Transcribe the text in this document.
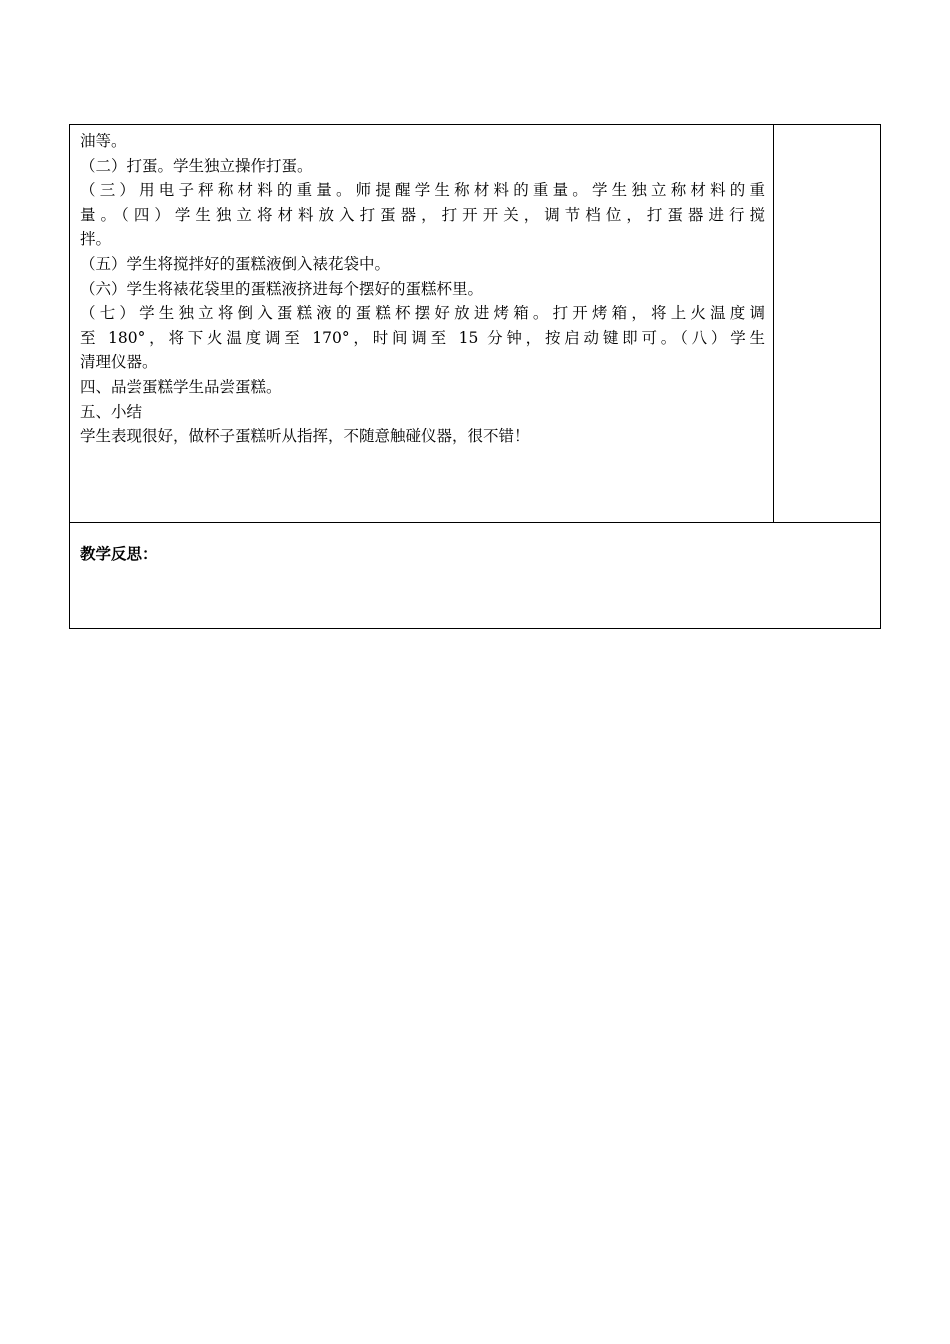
油等。
（二）打蛋。学生独立操作打蛋。
（三）用电子秤称材料的重量。师提醒学生称材料的重量。学生独立称材料的重
量。（四）学生独立将材料放入打蛋器，打开开关，调节档位，打蛋器进行搅
拌。
（五）学生将搅拌好的蛋糕液倒入裱花袋中。
（六）学生将裱花袋里的蛋糕液挤进每个摆好的蛋糕杯里。
（七）学生独立将倒入蛋糕液的蛋糕杯摆好放进烤箱。打开烤箱，将上火温度调
至 180°，将下火温度调至 170°，时间调至 15 分钟，按启动键即可。（八）学生
清理仪器。
四、品尝蛋糕学生品尝蛋糕。
五、小结
学生表现很好，做杯子蛋糕听从指挥，不随意触碰仪器，很不错！
教学反思：
